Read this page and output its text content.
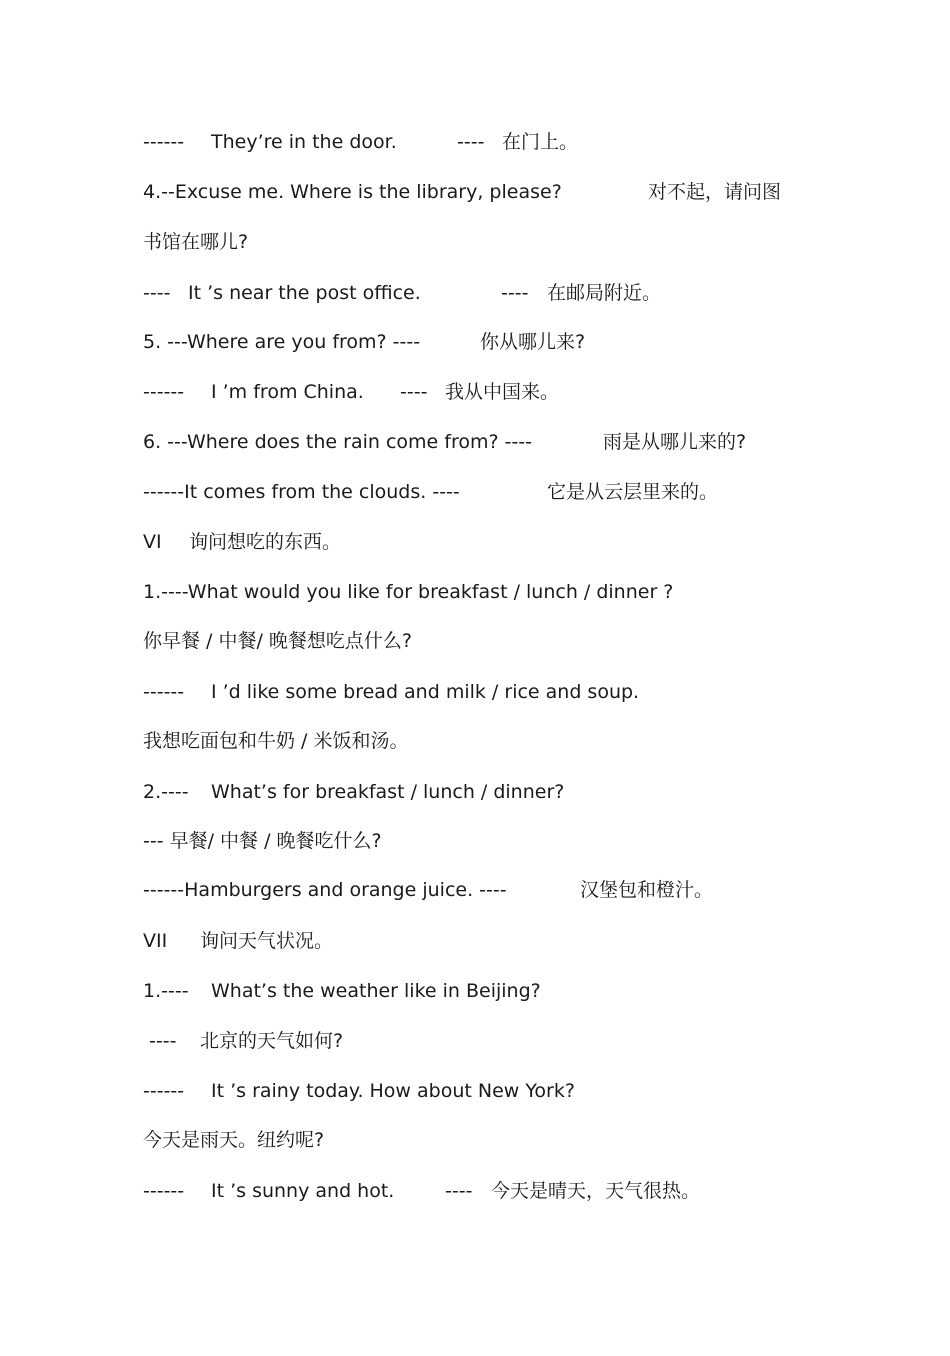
------

They’re in the door.

	----

在门上。

4.--Excuse me. Where is the library, please?

	对不起，请问图

书馆在哪儿?

----

It ’s near the post office.

	----

在邮局附近。

5. ---Where are you from? ----

	你从哪儿来?

------

I ’m from China.

----

我从中国来。

6. ---Where does the rain come from? ----

	雨是从哪儿来的?

------It comes from the clouds. ----

	它是从云层里来的。

VI

询问想吃的东西。

1.----What would you like for breakfast / lunch / dinner ?

你早餐 / 中餐/ 晚餐想吃点什么?

------

I ’d like some bread and milk / rice and soup.

我想吃面包和牛奶 / 米饭和汤。

2.----

What’s for breakfast / lunch / dinner?

--- 早餐/ 中餐 / 晚餐吃什么?

------Hamburgers and orange juice. ----

	汉堡包和橙汁。

VII

询问天气状况。

1.----

What’s the weather like in Beijing?

----

北京的天气如何?

------

It ’s rainy today. How about New York?

今天是雨天。纽约呢?

------

It ’s sunny and hot.

	----

今天是晴天，天气很热。
